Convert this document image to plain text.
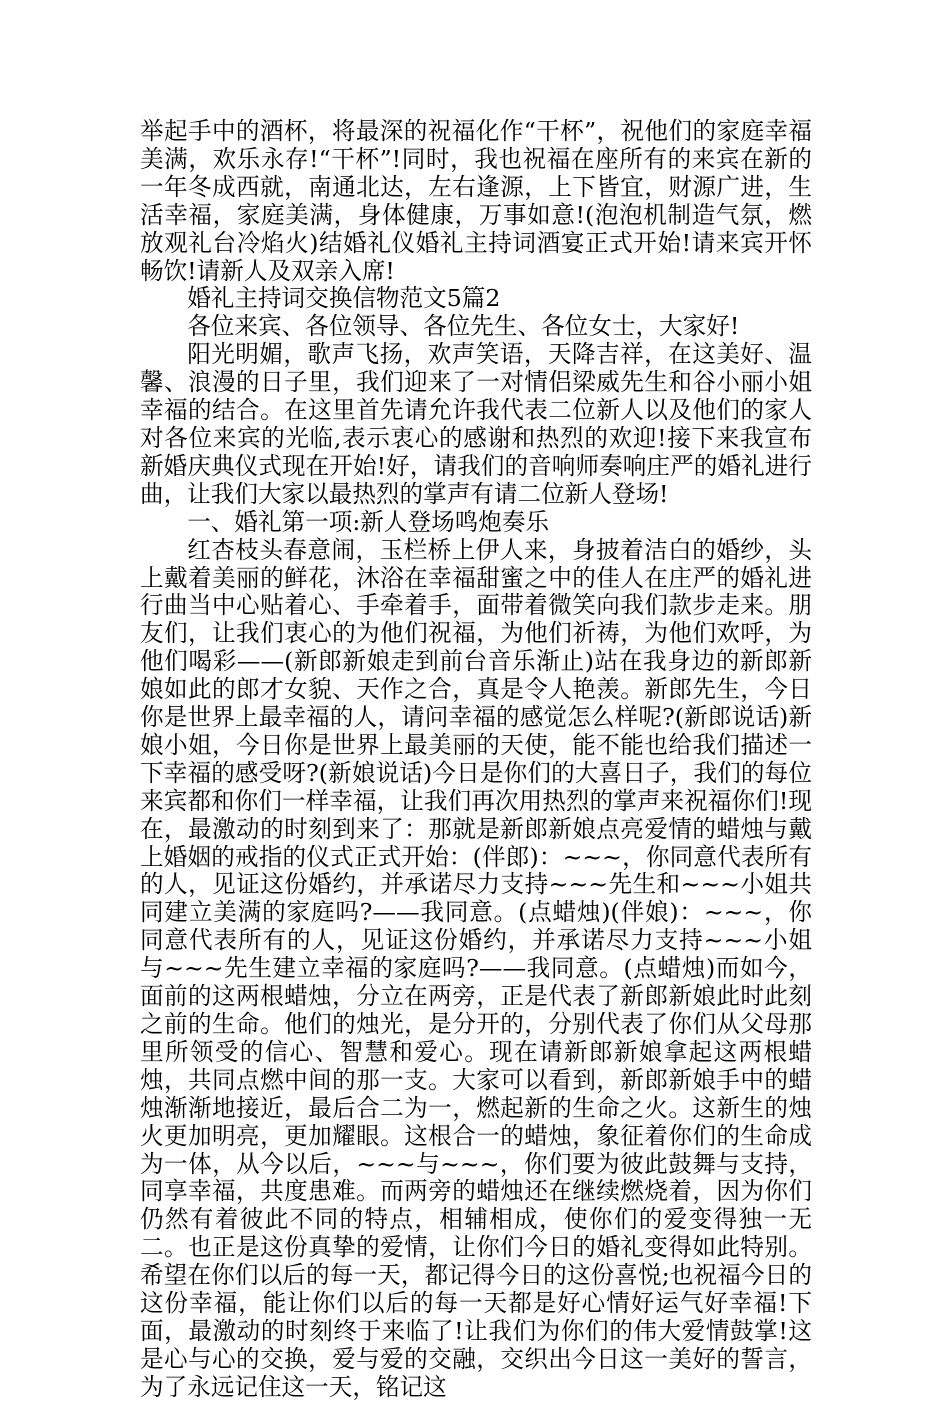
举起手中的酒杯，将最深的祝福化作“干杯”，祝他们的家庭幸福美满，欢乐永存!“干杯”!同时，我也祝福在座所有的来宾在新的一年冬成西就，南通北达，左右逢源，上下皆宜，财源广进，生活幸福，家庭美满，身体健康，万事如意!(泡泡机制造气氛，燃放观礼台冷焰火)结婚礼仪婚礼主持词酒宴正式开始!请来宾开怀畅饮!请新人及双亲入席!

婚礼主持词交换信物范文5篇2

各位来宾、各位领导、各位先生、各位女士，大家好!

阳光明媚，歌声飞扬，欢声笑语，天降吉祥，在这美好、温馨、浪漫的日子里，我们迎来了一对情侣梁威先生和谷小丽小姐幸福的结合。在这里首先请允许我代表二位新人以及他们的家人对各位来宾的光临,表示衷心的感谢和热烈的欢迎!接下来我宣布新婚庆典仪式现在开始!好，请我们的音响师奏响庄严的婚礼进行曲，让我们大家以最热烈的掌声有请二位新人登场!

一、婚礼第一项:新人登场鸣炮奏乐

红杏枝头春意闹，玉栏桥上伊人来，身披着洁白的婚纱，头上戴着美丽的鲜花，沐浴在幸福甜蜜之中的佳人在庄严的婚礼进行曲当中心贴着心、手牵着手，面带着微笑向我们款步走来。朋友们，让我们衷心的为他们祝福，为他们祈祷，为他们欢呼，为他们喝彩——(新郎新娘走到前台音乐渐止)站在我身边的新郎新娘如此的郎才女貌、天作之合，真是令人艳羡。新郎先生，今日你是世界上最幸福的人，请问幸福的感觉怎么样呢?(新郎说话)新娘小姐，今日你是世界上最美丽的天使，能不能也给我们描述一下幸福的感受呀?(新娘说话)今日是你们的大喜日子，我们的每位来宾都和你们一样幸福，让我们再次用热烈的掌声来祝福你们!现在，最激动的时刻到来了：那就是新郎新娘点亮爱情的蜡烛与戴上婚姻的戒指的仪式正式开始：(伴郎)：~~~，你同意代表所有的人，见证这份婚约，并承诺尽力支持~~~先生和~~~小姐共同建立美满的家庭吗?——我同意。(点蜡烛)(伴娘)：~~~，你同意代表所有的人，见证这份婚约，并承诺尽力支持~~~小姐与~~~先生建立幸福的家庭吗?——我同意。(点蜡烛)而如今，面前的这两根蜡烛，分立在两旁，正是代表了新郎新娘此时此刻之前的生命。他们的烛光，是分开的，分别代表了你们从父母那里所领受的信心、智慧和爱心。现在请新郎新娘拿起这两根蜡烛，共同点燃中间的那一支。大家可以看到，新郎新娘手中的蜡烛渐渐地接近，最后合二为一，燃起新的生命之火。这新生的烛火更加明亮，更加耀眼。这根合一的蜡烛，象征着你们的生命成为一体，从今以后，~~~与~~~，你们要为彼此鼓舞与支持，同享幸福，共度患难。而两旁的蜡烛还在继续燃烧着，因为你们仍然有着彼此不同的特点，相辅相成，使你们的爱变得独一无二。也正是这份真挚的爱情，让你们今日的婚礼变得如此特别。希望在你们以后的每一天，都记得今日的这份喜悦;也祝福今日的这份幸福，能让你们以后的每一天都是好心情好运气好幸福!下面，最激动的时刻终于来临了!让我们为你们的伟大爱情鼓掌!这是心与心的交换，爱与爱的交融，交织出今日这一美好的誓言，为了永远记住这一天，铭记这
